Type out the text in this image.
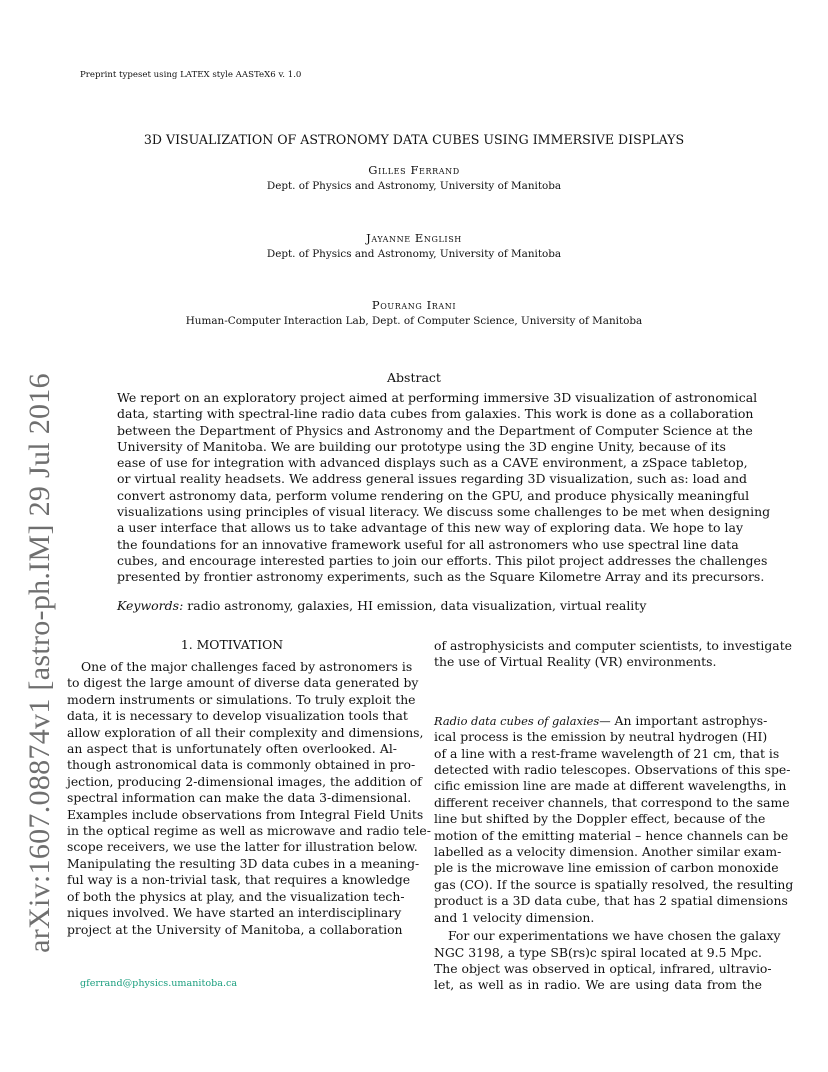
Preprint typeset using LATEX style AASTeX6 v. 1.0
arXiv:1607.08874v1 [astro-ph.IM] 29 Jul 2016
3D VISUALIZATION OF ASTRONOMY DATA CUBES USING IMMERSIVE DISPLAYS
Gilles Ferrand
Dept. of Physics and Astronomy, University of Manitoba
Jayanne English
Dept. of Physics and Astronomy, University of Manitoba
Pourang Irani
Human-Computer Interaction Lab, Dept. of Computer Science, University of Manitoba
Abstract
We report on an exploratory project aimed at performing immersive 3D visualization of astronomical
data, starting with spectral-line radio data cubes from galaxies. This work is done as a collaboration
between the Department of Physics and Astronomy and the Department of Computer Science at the
University of Manitoba. We are building our prototype using the 3D engine Unity, because of its
ease of use for integration with advanced displays such as a CAVE environment, a zSpace tabletop,
or virtual reality headsets. We address general issues regarding 3D visualization, such as: load and
convert astronomy data, perform volume rendering on the GPU, and produce physically meaningful
visualizations using principles of visual literacy. We discuss some challenges to be met when designing
a user interface that allows us to take advantage of this new way of exploring data. We hope to lay
the foundations for an innovative framework useful for all astronomers who use spectral line data
cubes, and encourage interested parties to join our efforts. This pilot project addresses the challenges
presented by frontier astronomy experiments, such as the Square Kilometre Array and its precursors.
Keywords: radio astronomy, galaxies, HI emission, data visualization, virtual reality
1. MOTIVATION
One of the major challenges faced by astronomers is
to digest the large amount of diverse data generated by
modern instruments or simulations. To truly exploit the
data, it is necessary to develop visualization tools that
allow exploration of all their complexity and dimensions,
an aspect that is unfortunately often overlooked. Al-
though astronomical data is commonly obtained in pro-
jection, producing 2-dimensional images, the addition of
spectral information can make the data 3-dimensional.
Examples include observations from Integral Field Units
in the optical regime as well as microwave and radio tele-
scope receivers, we use the latter for illustration below.
Manipulating the resulting 3D data cubes in a meaning-
ful way is a non-trivial task, that requires a knowledge
of both the physics at play, and the visualization tech-
niques involved. We have started an interdisciplinary
project at the University of Manitoba, a collaboration
of astrophysicists and computer scientists, to investigate
the use of Virtual Reality (VR) environments.
Radio data cubes of galaxies— An important astrophys-
ical process is the emission by neutral hydrogen (HI)
of a line with a rest-frame wavelength of 21 cm, that is
detected with radio telescopes. Observations of this spe-
cific emission line are made at different wavelengths, in
different receiver channels, that correspond to the same
line but shifted by the Doppler effect, because of the
motion of the emitting material – hence channels can be
labelled as a velocity dimension. Another similar exam-
ple is the microwave line emission of carbon monoxide
gas (CO). If the source is spatially resolved, the resulting
product is a 3D data cube, that has 2 spatial dimensions
and 1 velocity dimension.
For our experimentations we have chosen the galaxy
NGC 3198, a type SB(rs)c spiral located at 9.5 Mpc.
The object was observed in optical, infrared, ultravio-
let, as well as in radio. We are using data from the
gferrand@physics.umanitoba.ca
